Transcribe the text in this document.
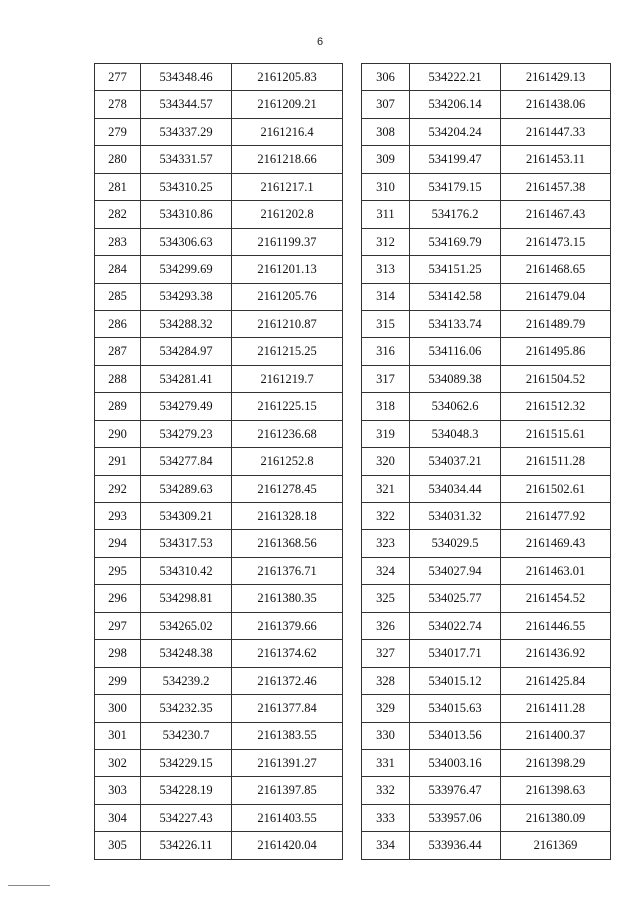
6
277	534348.46	2161205.83
278	534344.57	2161209.21
279	534337.29	2161216.4
280	534331.57	2161218.66
281	534310.25	2161217.1
282	534310.86	2161202.8
283	534306.63	2161199.37
284	534299.69	2161201.13
285	534293.38	2161205.76
286	534288.32	2161210.87
287	534284.97	2161215.25
288	534281.41	2161219.7
289	534279.49	2161225.15
290	534279.23	2161236.68
291	534277.84	2161252.8
292	534289.63	2161278.45
293	534309.21	2161328.18
294	534317.53	2161368.56
295	534310.42	2161376.71
296	534298.81	2161380.35
297	534265.02	2161379.66
298	534248.38	2161374.62
299	534239.2	2161372.46
300	534232.35	2161377.84
301	534230.7	2161383.55
302	534229.15	2161391.27
303	534228.19	2161397.85
304	534227.43	2161403.55
305	534226.11	2161420.04
306	534222.21	2161429.13
307	534206.14	2161438.06
308	534204.24	2161447.33
309	534199.47	2161453.11
310	534179.15	2161457.38
311	534176.2	2161467.43
312	534169.79	2161473.15
313	534151.25	2161468.65
314	534142.58	2161479.04
315	534133.74	2161489.79
316	534116.06	2161495.86
317	534089.38	2161504.52
318	534062.6	2161512.32
319	534048.3	2161515.61
320	534037.21	2161511.28
321	534034.44	2161502.61
322	534031.32	2161477.92
323	534029.5	2161469.43
324	534027.94	2161463.01
325	534025.77	2161454.52
326	534022.74	2161446.55
327	534017.71	2161436.92
328	534015.12	2161425.84
329	534015.63	2161411.28
330	534013.56	2161400.37
331	534003.16	2161398.29
332	533976.47	2161398.63
333	533957.06	2161380.09
334	533936.44	2161369
